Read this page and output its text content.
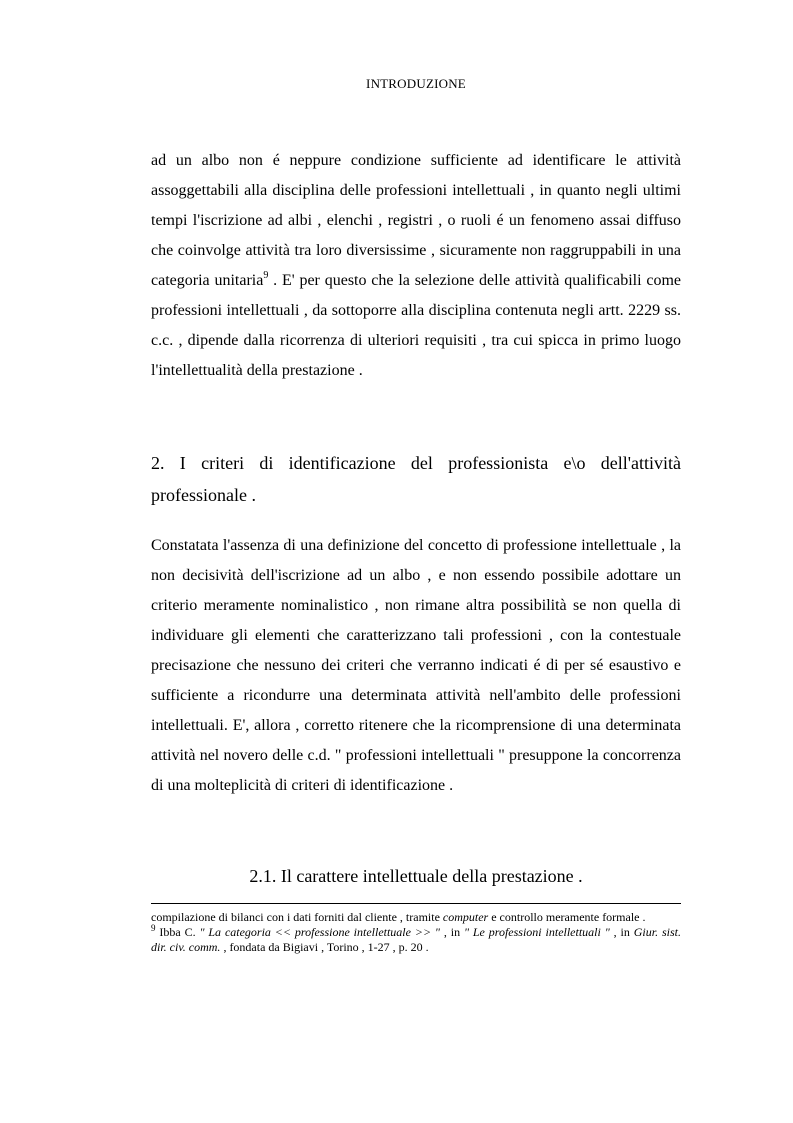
INTRODUZIONE

ad un albo non é neppure condizione sufficiente ad identificare le attività assoggettabili alla disciplina delle professioni intellettuali , in quanto negli ultimi tempi l'iscrizione ad albi , elenchi , registri , o ruoli é un fenomeno assai diffuso che coinvolge attività tra loro diversissime , sicuramente non raggruppabili in una categoria unitaria$^9$ . E' per questo che la selezione delle attività qualificabili come professioni intellettuali , da sottoporre alla disciplina contenuta negli artt. 2229 ss. c.c. , dipende dalla ricorrenza di ulteriori requisiti , tra cui spicca in primo luogo l'intellettualità della prestazione .

2. I criteri di identificazione del professionista e\o dell'attività professionale .

Constatata l'assenza di una definizione del concetto di professione intellettuale , la non decisività dell'iscrizione ad un albo , e non essendo possibile adottare un criterio meramente nominalistico , non rimane altra possibilità se non quella di individuare gli elementi che caratterizzano tali professioni , con la contestuale precisazione che nessuno dei criteri che verranno indicati é di per sé esaustivo e sufficiente a ricondurre una determinata attività nell'ambito delle professioni intellettuali. E', allora , corretto ritenere che la ricomprensione di una determinata attività nel novero delle c.d. " professioni intellettuali " presuppone la concorrenza di una molteplicità di criteri di identificazione .

2.1. Il carattere intellettuale della prestazione .

compilazione di bilanci con i dati forniti dal cliente , tramite computer e controllo meramente formale .

$^9$ Ibba C. " La categoria << professione intellettuale >> " , in " Le professioni intellettuali " , in Giur. sist. dir. civ. comm. , fondata da Bigiavi , Torino , 1-27 , p. 20 .
